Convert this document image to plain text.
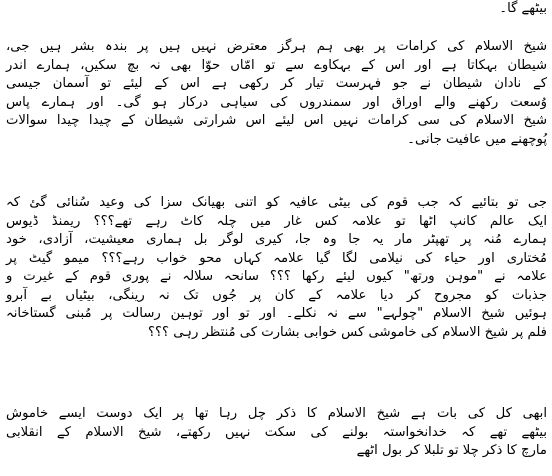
بیٹھے گا۔
شیخ الاسلام کی کرامات پر بھی ہم ہرگز معترض نہیں ہیں پر بندہ بشر ہیں جی،
شیطان بہکاتا ہے اور اس کے بہکاوے سے تو امّاں حوّا بھی نہ بچ سکیں، ہمارے اندر
کے نادان شیطان نے جو فہرست تیار کر رکھی ہے اس کے لیئے تو آسمان جیسی
وُسعت رکھنے والے اوراق اور سمندروں کی سیاہی درکار ہو گی۔ اور ہمارے پاس
شیخ الاسلام کی سی کرامات نہیں اس لیئے اس شرارتی شیطان کے چیدا چیدا سوالات
پُوچھنے میں عافیت جانی۔
جی تو بتائیے کہ جب قوم کی بیٹی عافیہ کو اتنی بھیانک سزا کی وعید سُنائی گئ کہ
ایک عالم کانپ اٹھا تو علامہ کس غار میں چلہ کاٹ رہے تھے؟؟؟ ریمنڈ ڈیوس
ہمارے مُنہ پر تھپٹر مار یہ جا وہ جا، کیری لوگر بل ہماری معیشیت، آزادی، خود
مُختاری اور حیاء کی نیلامی لگا گیا علامہ کہاں محو خواب رہے؟؟؟ میمو گیٹ پر
علامہ نے "موہن ورتھ" کیوں لیئے رکھا ؟؟؟ سانحہ سلالہ نے پوری قوم کے غیرت و
جذبات کو مجروح کر دیا علامہ کے کان پر جُوں تک نہ رینگی، بیٹیاں بے آبرو
ہوئیں شیخ الاسلام "چولہے" سے نہ نکلے۔ اور تو اور توہین رسالت پر مُبنی گستاخانہ
فلم پر شیخ الاسلام کی خاموشی کس خوابی بشارت کی مُنتظر رہی ؟؟؟
ابھی کل کی بات ہے شیخ الاسلام کا ذکر چل رہا تھا پر ایک دوست ایسے خاموش
بیٹھے تھے کہ خدانخواستہ بولنے کی سکت نہیں رکھتے، شیخ الاسلام کے انقلابی
مارچ کا ذکر چلا تو تلبلا کر بول اٹھے
